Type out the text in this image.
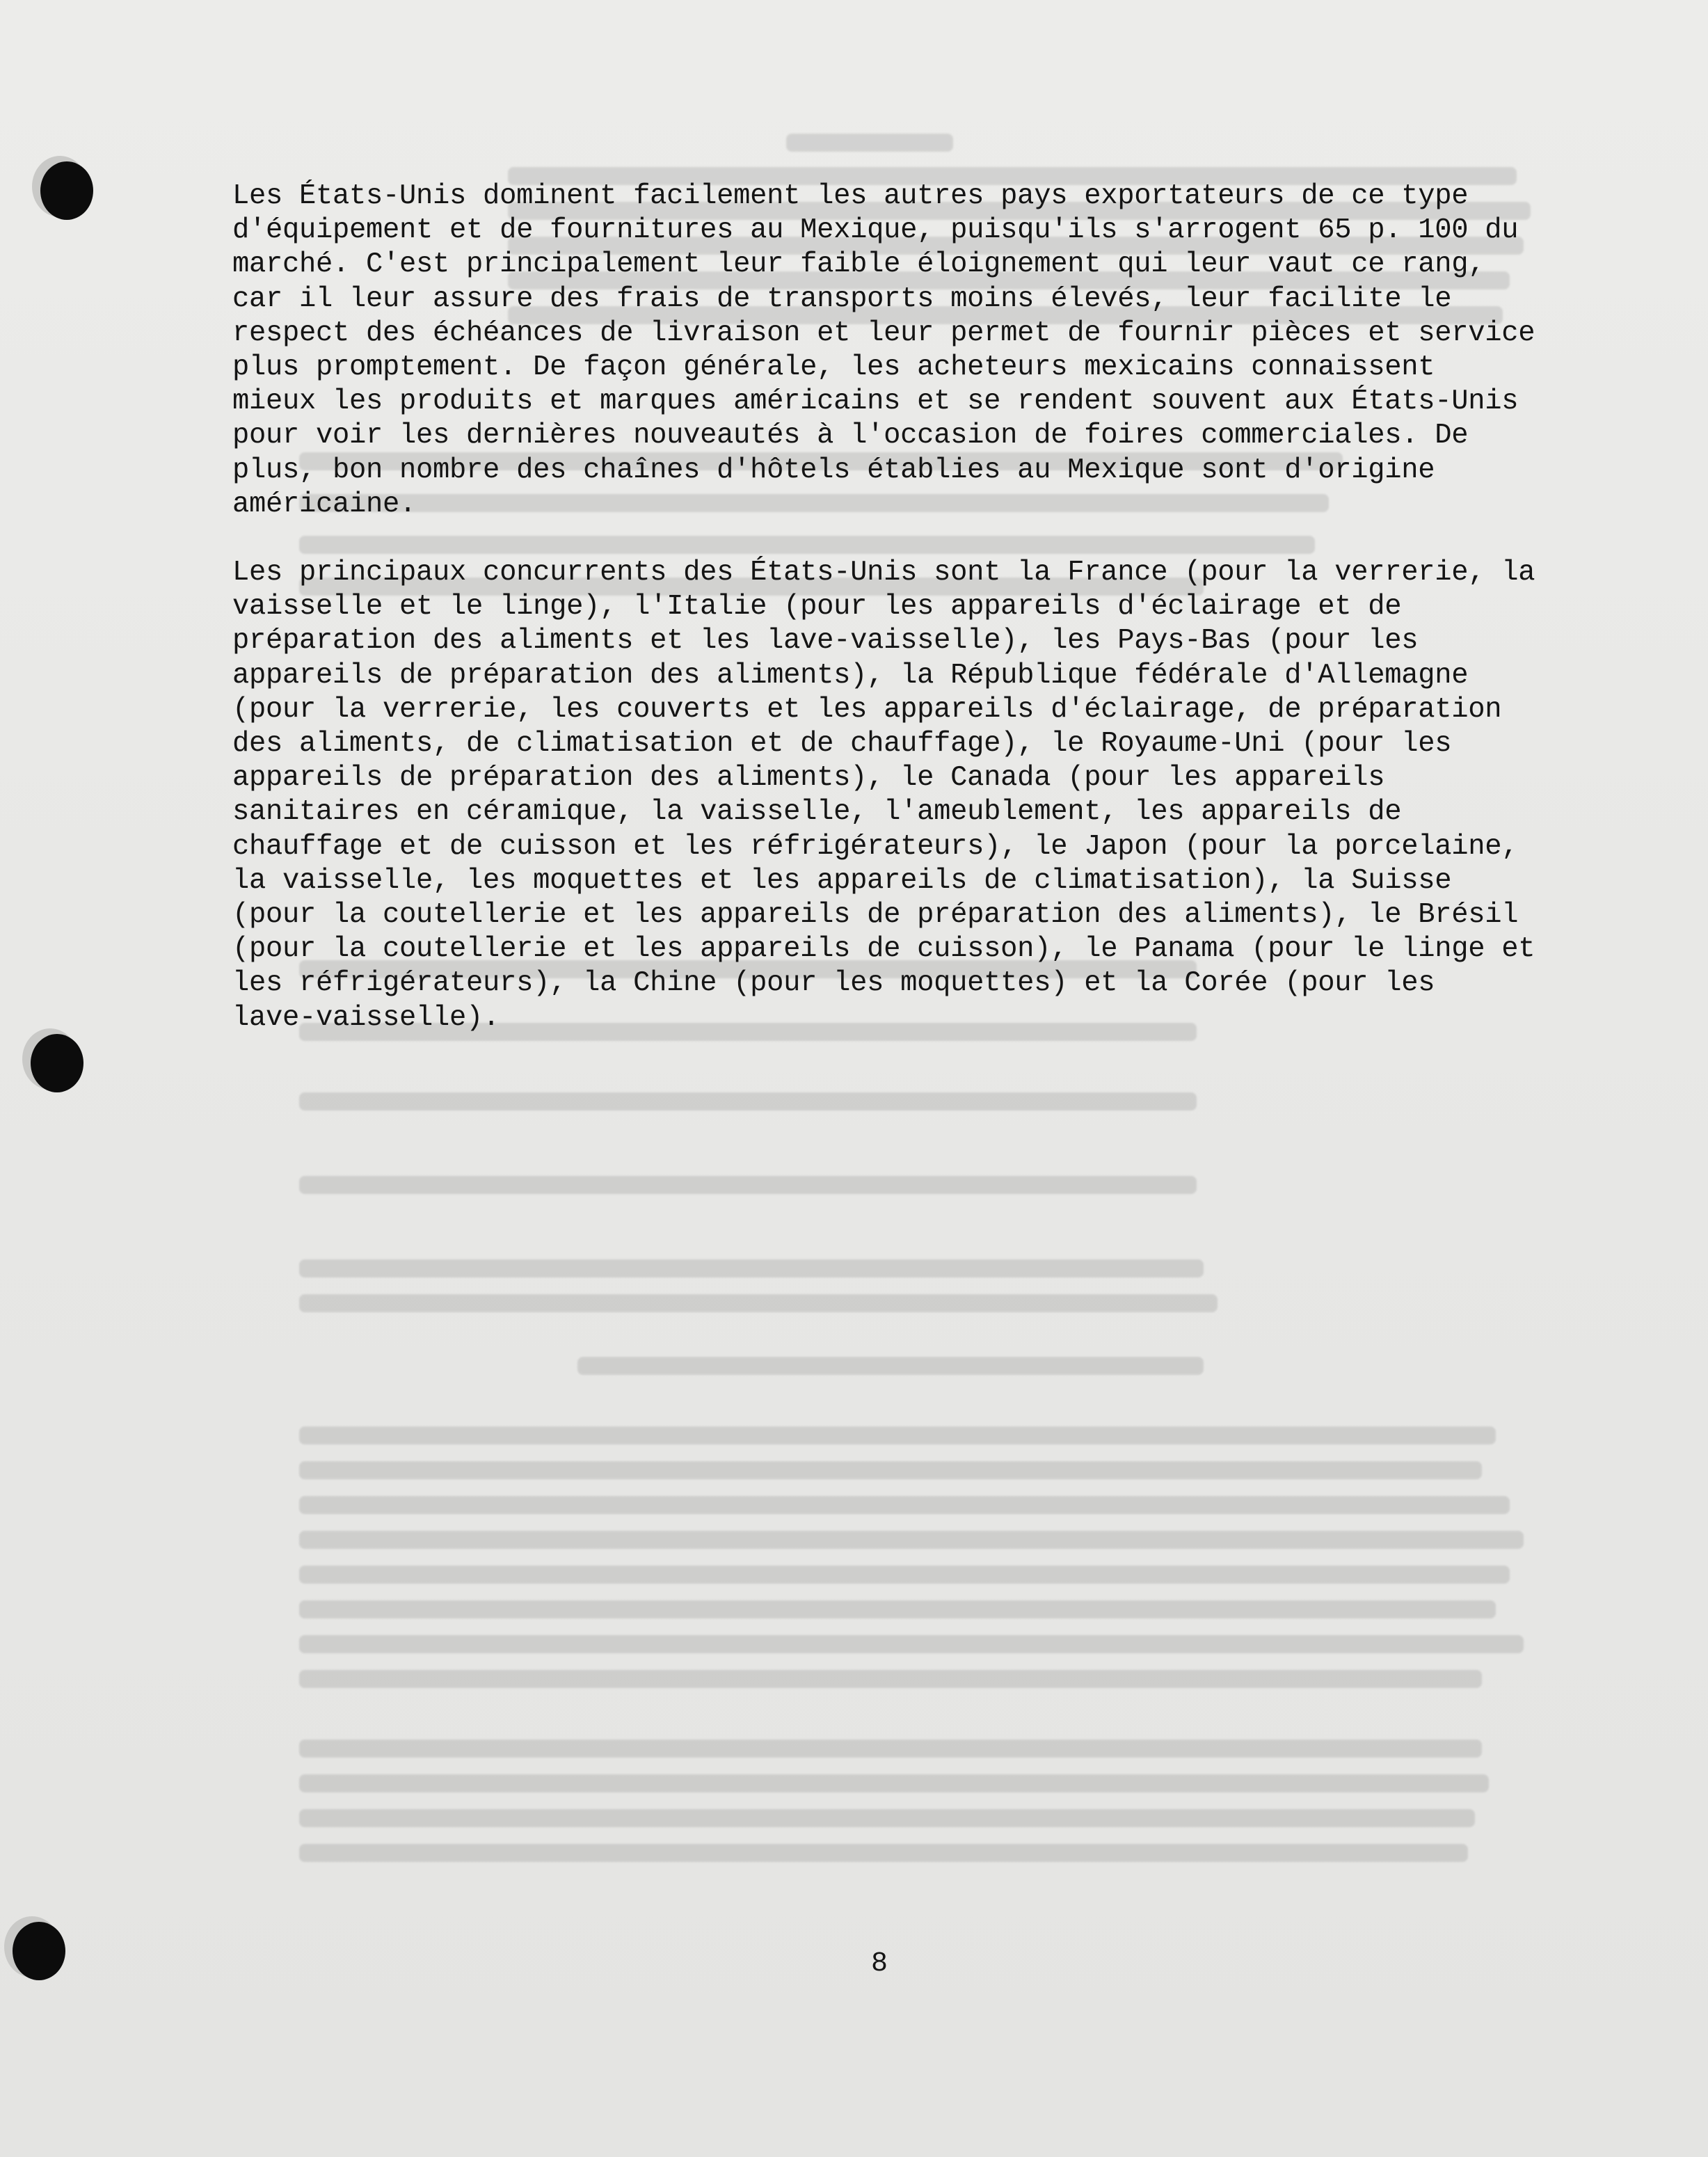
Les États-Unis dominent facilement les autres pays exportateurs de ce type
d'équipement et de fournitures au Mexique, puisqu'ils s'arrogent 65 p. 100 du
marché. C'est principalement leur faible éloignement qui leur vaut ce rang,
car il leur assure des frais de transports moins élevés, leur facilite le
respect des échéances de livraison et leur permet de fournir pièces et service
plus promptement. De façon générale, les acheteurs mexicains connaissent
mieux les produits et marques américains et se rendent souvent aux États-Unis
pour voir les dernières nouveautés à l'occasion de foires commerciales. De
plus, bon nombre des chaînes d'hôtels établies au Mexique sont d'origine
américaine.

Les principaux concurrents des États-Unis sont la France (pour la verrerie, la
vaisselle et le linge), l'Italie (pour les appareils d'éclairage et de
préparation des aliments et les lave-vaisselle), les Pays-Bas (pour les
appareils de préparation des aliments), la République fédérale d'Allemagne
(pour la verrerie, les couverts et les appareils d'éclairage, de préparation
des aliments, de climatisation et de chauffage), le Royaume-Uni (pour les
appareils de préparation des aliments), le Canada (pour les appareils
sanitaires en céramique, la vaisselle, l'ameublement, les appareils de
chauffage et de cuisson et les réfrigérateurs), le Japon (pour la porcelaine,
la vaisselle, les moquettes et les appareils de climatisation), la Suisse
(pour la coutellerie et les appareils de préparation des aliments), le Brésil
(pour la coutellerie et les appareils de cuisson), le Panama (pour le linge et
les réfrigérateurs), la Chine (pour les moquettes) et la Corée (pour les
lave-vaisselle).

8
